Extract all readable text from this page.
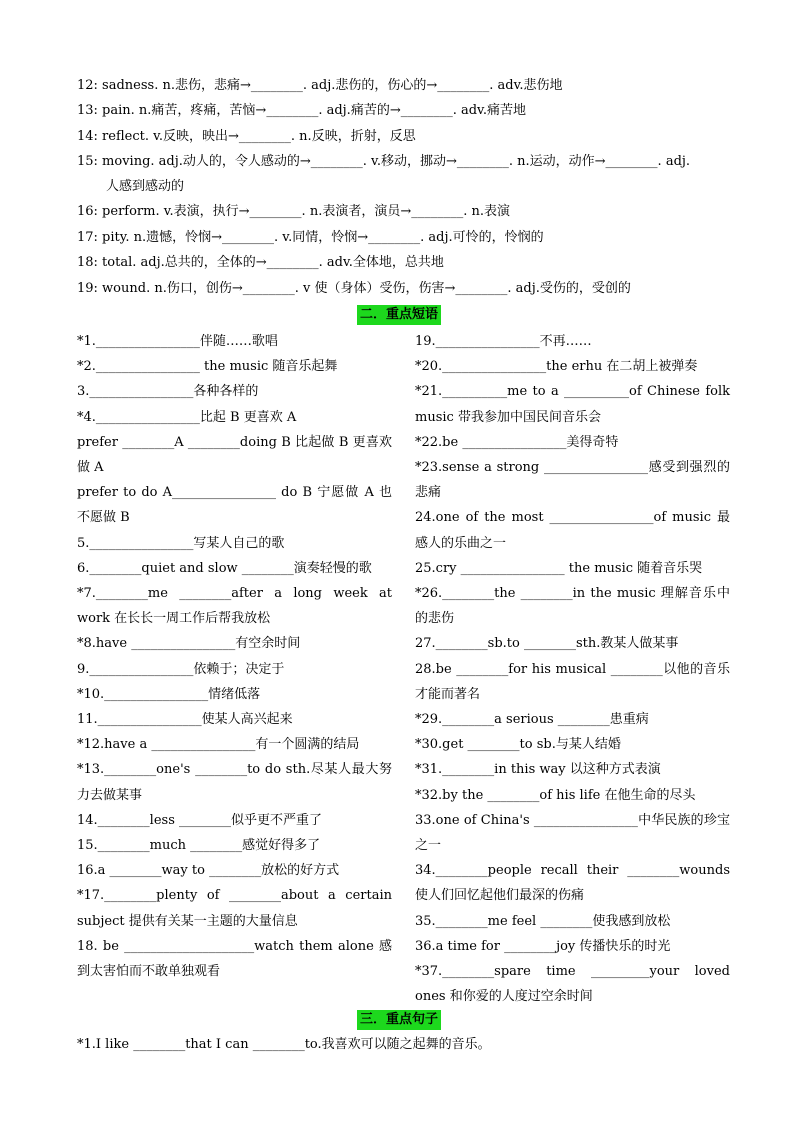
12: sadness. n.悲伤，悲痛→________. adj.悲伤的，伤心的→________. adv.悲伤地
13: pain. n.痛苦，疼痛，苦恼→________. adj.痛苦的→________. adv.痛苦地
14: reflect. v.反映，映出→________. n.反映，折射，反思
15: moving. adj.动人的，令人感动的→________. v.移动，挪动→________. n.运动，动作→________. adj.
人感到感动的
16: perform. v.表演，执行→________. n.表演者，演员→________. n.表演
17: pity. n.遗憾，怜悯→________. v.同情，怜悯→________. adj.可怜的，怜悯的
18: total. adj.总共的，全体的→________. adv.全体地，总共地
19: wound. n.伤口，创伤→________. v 使（身体）受伤，伤害→________. adj.受伤的，受创的
二．重点短语
*1.________________伴随……歌唱
*2.________________ the music 随音乐起舞
3.________________各种各样的
*4.________________比起 B 更喜欢 A
prefer ________A ________doing B 比起做 B 更喜欢做 A
prefer to do A________________ do B 宁愿做 A 也不愿做 B
5.________________写某人自己的歌
6.________quiet and slow ________演奏轻慢的歌
*7.________me ________after a long week at work 在长长一周工作后帮我放松
*8.have ________________有空余时间
9.________________依赖于；决定于
*10.________________情绪低落
11.________________使某人高兴起来
*12.have a ________________有一个圆满的结局
*13.________one's ________to do sth.尽某人最大努力去做某事
14.________less ________似乎更不严重了
15.________much ________感觉好得多了
16.a ________way to ________放松的好方式
*17.________plenty of ________about a certain subject 提供有关某一主题的大量信息
18. be ____________________watch them alone 感到太害怕而不敢单独观看
19.________________不再……
*20.________________the erhu 在二胡上被弹奏
*21.__________me to a __________of Chinese folk music 带我参加中国民间音乐会
*22.be ________________美得奇特
*23.sense a strong ________________感受到强烈的悲痛
24.one of the most ________________of music 最感人的乐曲之一
25.cry ________________ the music 随着音乐哭
*26.________the ________in the music 理解音乐中的悲伤
27.________sb.to ________sth.教某人做某事
28.be ________for his musical ________以他的音乐才能而著名
*29.________a serious ________患重病
*30.get ________to sb.与某人结婚
*31.________in this way 以这种方式表演
*32.by the ________of his life 在他生命的尽头
33.one of China's ________________中华民族的珍宝之一
34.________people recall their ________wounds 使人们回忆起他们最深的伤痛
35.________me feel ________使我感到放松
36.a time for ________joy 传播快乐的时光
*37.________spare time _________your loved ones 和你爱的人度过空余时间
三．重点句子
*1.I like ________that I can ________to.我喜欢可以随之起舞的音乐。
